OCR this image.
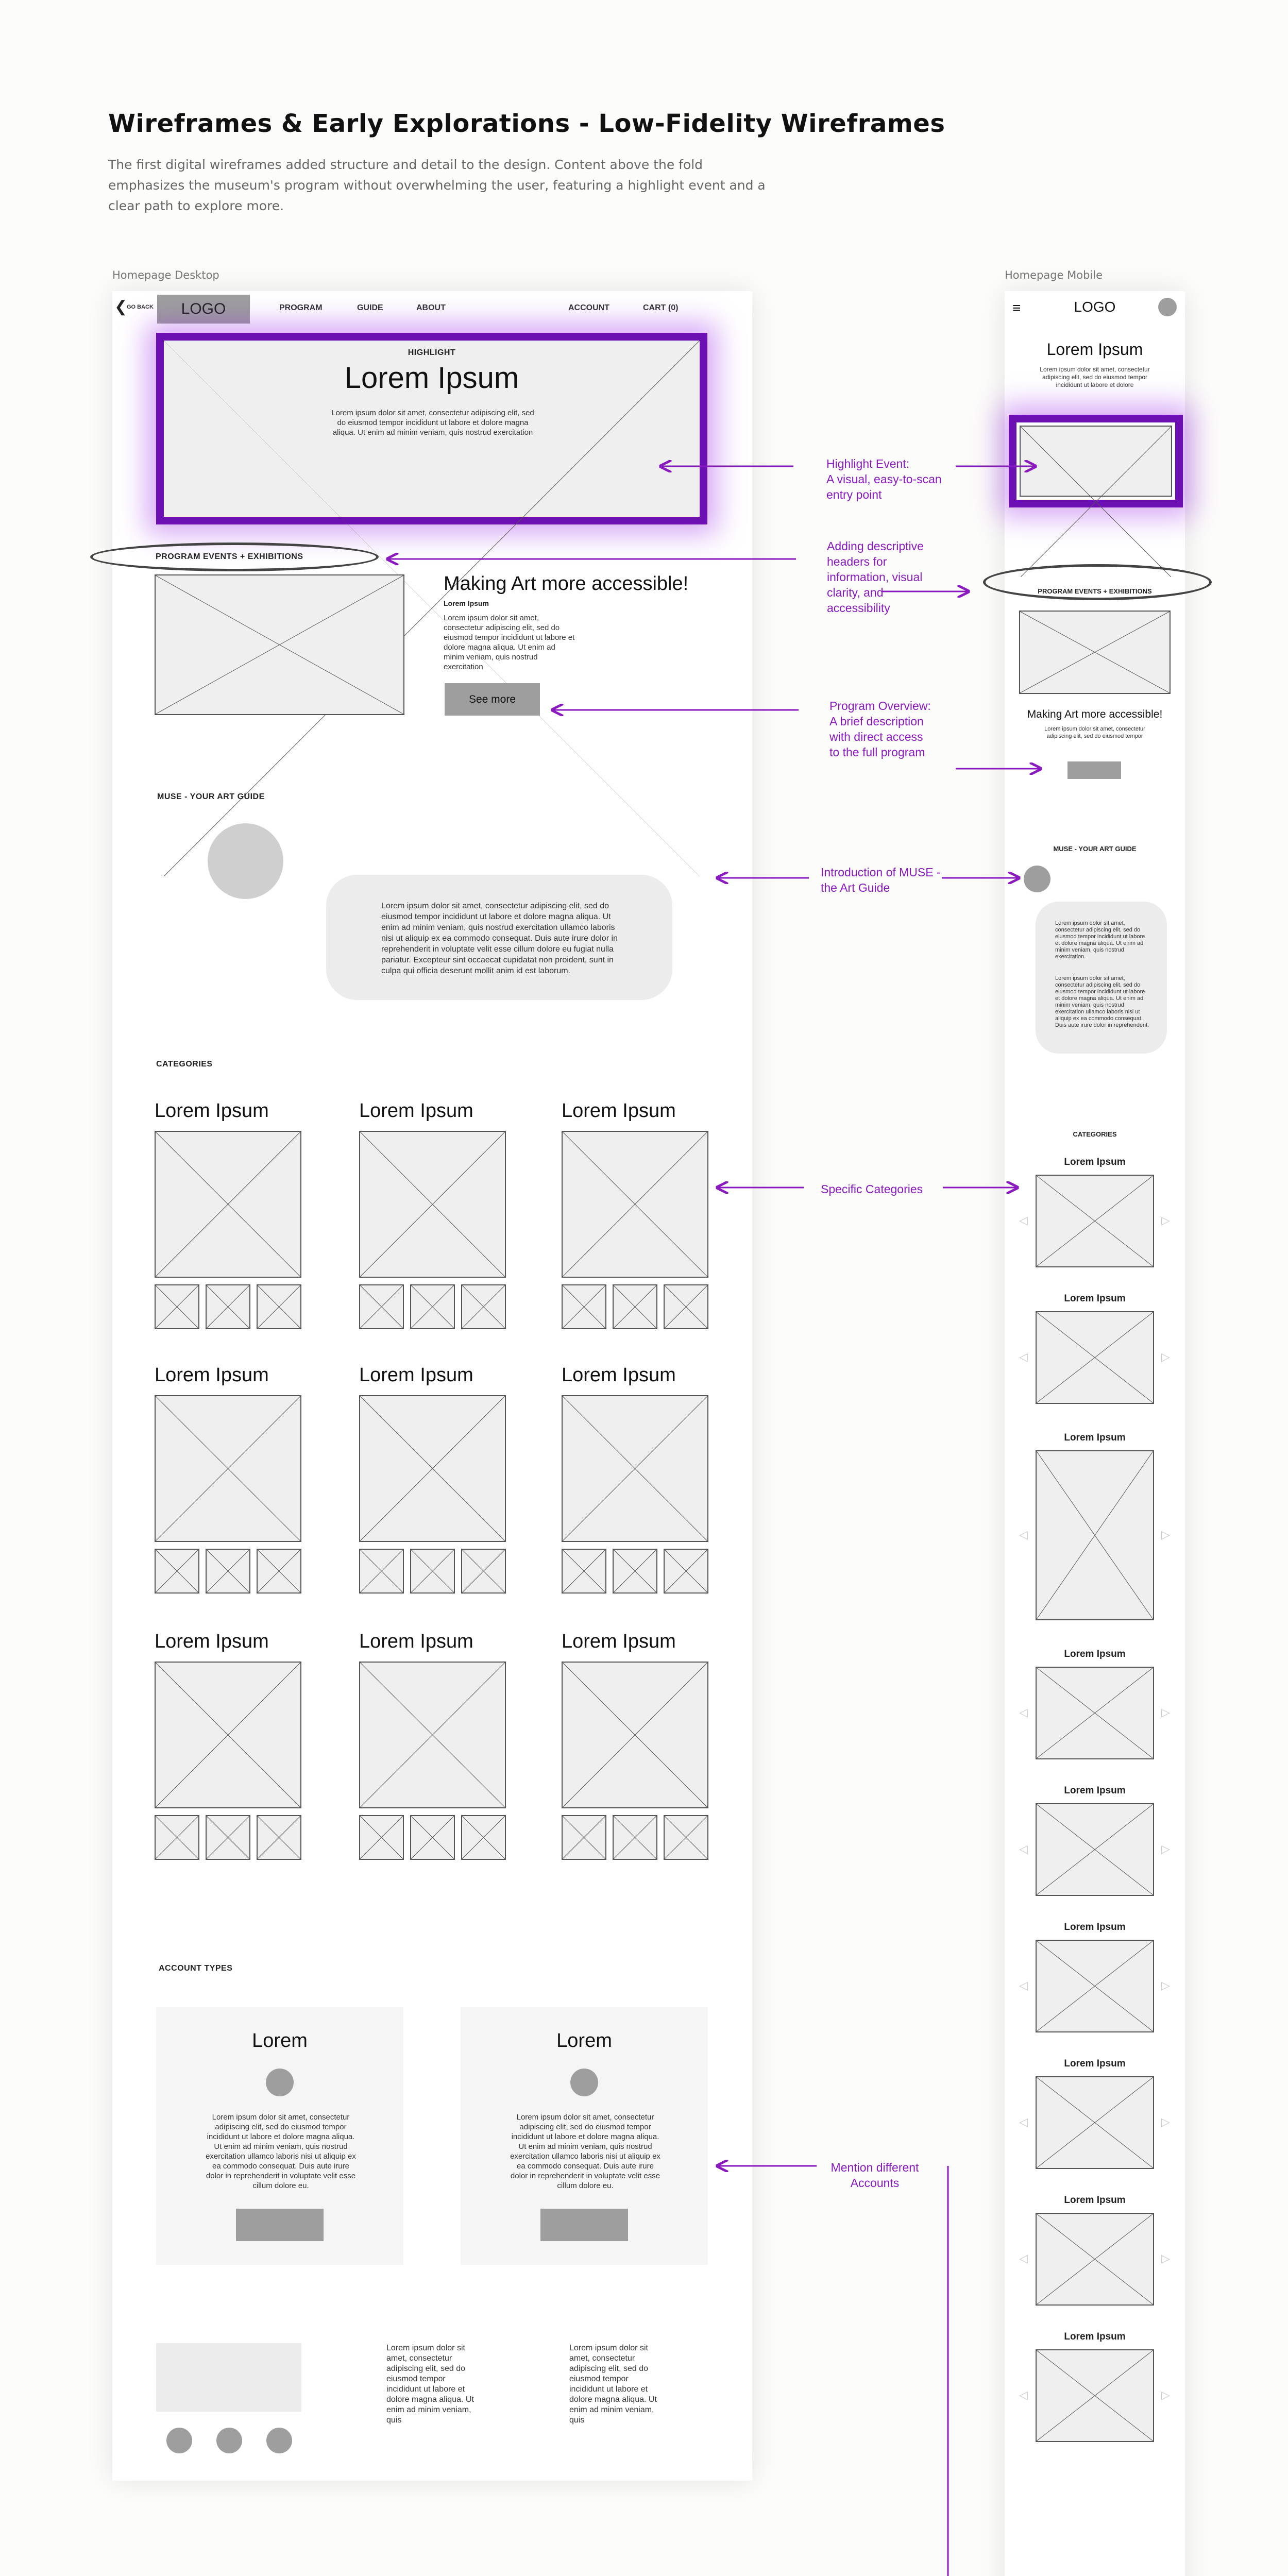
Wireframes & Early Explorations - Low-Fidelity Wireframes
The first digital wireframes added structure and detail to the design. Content above the fold emphasizes the museum's program without overwhelming the user, featuring a highlight event and a clear path to explore more.
Homepage Desktop	Homepage Mobile
❮
GO BACK	LOGO	PROGRAM	GUIDE	ABOUT	ACCOUNT	CART (0)
HIGHLIGHT
Lorem Ipsum
Lorem ipsum dolor sit amet, consectetur adipiscing elit, sed do eiusmod tempor incididunt ut labore et dolore magna aliqua. Ut enim ad minim veniam, quis nostrud exercitation
PROGRAM EVENTS + EXHIBITIONS
Making Art more accessible!
Lorem Ipsum
Lorem ipsum dolor sit amet, consectetur adipiscing elit, sed do eiusmod tempor incididunt ut labore et dolore magna aliqua. Ut enim ad minim veniam, quis nostrud exercitation
See more
MUSE - YOUR ART GUIDE
Lorem ipsum dolor sit amet, consectetur adipiscing elit, sed do eiusmod tempor incididunt ut labore et dolore magna aliqua. Ut enim ad minim veniam, quis nostrud exercitation ullamco laboris nisi ut aliquip ex ea commodo consequat. Duis aute irure dolor in reprehenderit in voluptate velit esse cillum dolore eu fugiat nulla pariatur. Excepteur sint occaecat cupidatat non proident, sunt in culpa qui officia deserunt mollit anim id est laborum.
CATEGORIES
Lorem Ipsum	Lorem Ipsum	Lorem Ipsum
Lorem Ipsum	Lorem Ipsum	Lorem Ipsum
Lorem Ipsum	Lorem Ipsum	Lorem Ipsum
ACCOUNT TYPES
Lorem
Lorem ipsum dolor sit amet, consectetur adipiscing elit, sed do eiusmod tempor incididunt ut labore et dolore magna aliqua. Ut enim ad minim veniam, quis nostrud exercitation ullamco laboris nisi ut aliquip ex ea commodo consequat. Duis aute irure dolor in reprehenderit in voluptate velit esse cillum dolore eu.
Lorem
Lorem ipsum dolor sit amet, consectetur adipiscing elit, sed do eiusmod tempor incididunt ut labore et dolore magna aliqua. Ut enim ad minim veniam, quis nostrud exercitation ullamco laboris nisi ut aliquip ex ea commodo consequat. Duis aute irure dolor in reprehenderit in voluptate velit esse cillum dolore eu.
Lorem ipsum dolor sit amet, consectetur adipiscing elit, sed do eiusmod tempor incididunt ut labore et dolore magna aliqua. Ut enim ad minim veniam, quis
Lorem ipsum dolor sit amet, consectetur adipiscing elit, sed do eiusmod tempor incididunt ut labore et dolore magna aliqua. Ut enim ad minim veniam, quis
≡	LOGO
Lorem Ipsum
Lorem ipsum dolor sit amet, consectetur adipiscing elit, sed do eiusmod tempor incididunt ut labore et dolore
PROGRAM EVENTS + EXHIBITIONS
Making Art more accessible!
Lorem ipsum dolor sit amet, consectetur adipiscing elit, sed do eiusmod tempor
MUSE - YOUR ART GUIDE
Lorem ipsum dolor sit amet, consectetur adipiscing elit, sed do eiusmod tempor incididunt ut labore et dolore magna aliqua. Ut enim ad minim veniam, quis nostrud exercitation.
Lorem ipsum dolor sit amet, consectetur adipiscing elit, sed do eiusmod tempor incididunt ut labore et dolore magna aliqua. Ut enim ad minim veniam, quis nostrud exercitation ullamco laboris nisi ut aliquip ex ea commodo consequat. Duis aute irure dolor in reprehenderit.
CATEGORIES
Lorem Ipsum
◁	▷
Lorem Ipsum
◁	▷
Lorem Ipsum
◁	▷
Lorem Ipsum
◁	▷
Lorem Ipsum
◁	▷
Lorem Ipsum
◁	▷
Lorem Ipsum
◁	▷
Lorem Ipsum
◁	▷
Lorem Ipsum
◁	▷
Highlight Event:
A visual, easy-to-scan
entry point
Adding descriptive
headers for
information, visual
clarity, and
accessibility
Program Overview:
A brief description
with direct access
to the full program
Introduction of MUSE -
the Art Guide
Specific Categories
Mention different
Accounts
